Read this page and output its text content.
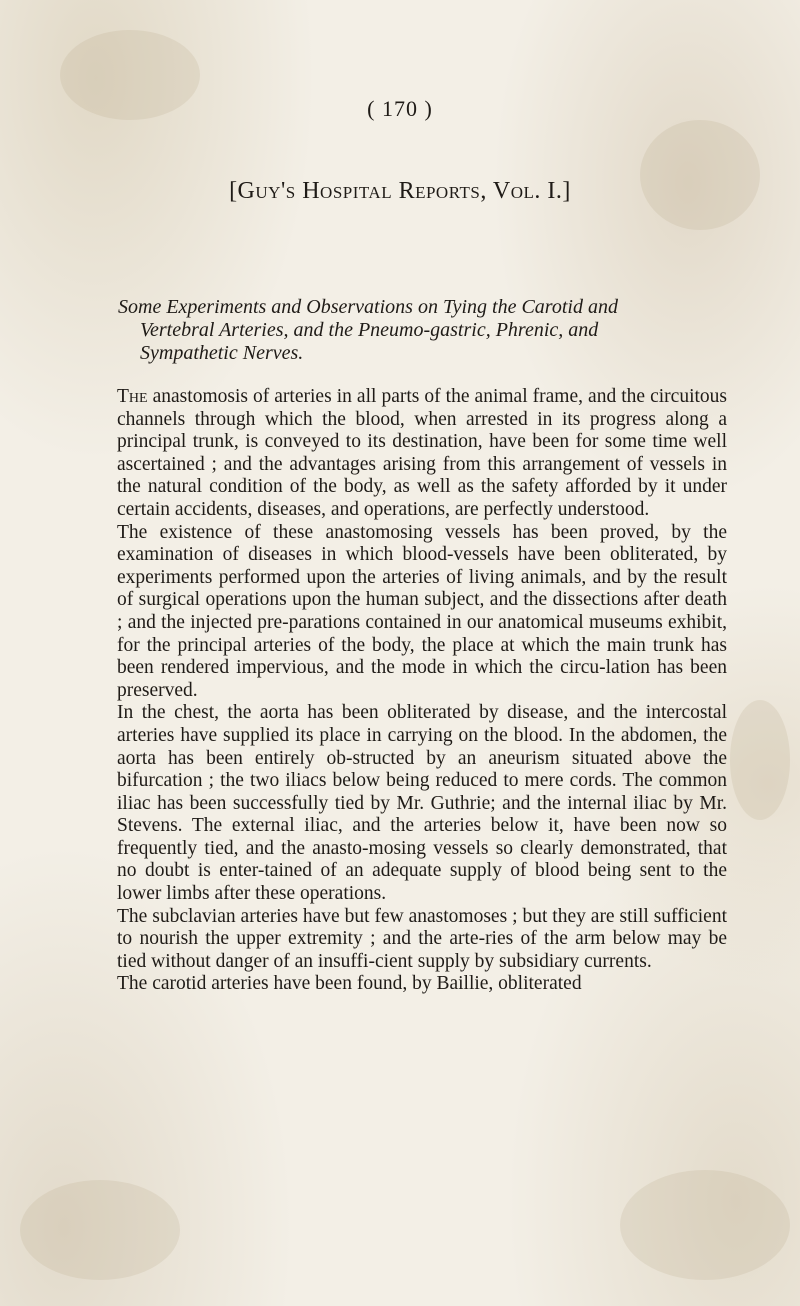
( 170 )
[Guy's Hospital Reports, Vol. I.]
Some Experiments and Observations on Tying the Carotid and
Vertebral Arteries, and the Pneumo-gastric, Phrenic, and
Sympathetic Nerves.

The anastomosis of arteries in all parts of the animal frame, and the circuitous channels through which the blood, when arrested in its progress along a principal trunk, is conveyed to its destination, have been for some time well ascertained ; and the advantages arising from this arrangement of vessels in the natural condition of the body, as well as the safety afforded by it under certain accidents, diseases, and operations, are perfectly understood.

The existence of these anastomosing vessels has been proved, by the examination of diseases in which blood-vessels have been obliterated, by experiments performed upon the arteries of living animals, and by the result of surgical operations upon the human subject, and the dissections after death ; and the injected pre-parations contained in our anatomical museums exhibit, for the principal arteries of the body, the place at which the main trunk has been rendered impervious, and the mode in which the circu-lation has been preserved.

In the chest, the aorta has been obliterated by disease, and the intercostal arteries have supplied its place in carrying on the blood. In the abdomen, the aorta has been entirely ob-structed by an aneurism situated above the bifurcation ; the two iliacs below being reduced to mere cords. The common iliac has been successfully tied by Mr. Guthrie; and the internal iliac by Mr. Stevens. The external iliac, and the arteries below it, have been now so frequently tied, and the anasto-mosing vessels so clearly demonstrated, that no doubt is enter-tained of an adequate supply of blood being sent to the lower limbs after these operations.

The subclavian arteries have but few anastomoses ; but they are still sufficient to nourish the upper extremity ; and the arte-ries of the arm below may be tied without danger of an insuffi-cient supply by subsidiary currents.

The carotid arteries have been found, by Baillie, obliterated
